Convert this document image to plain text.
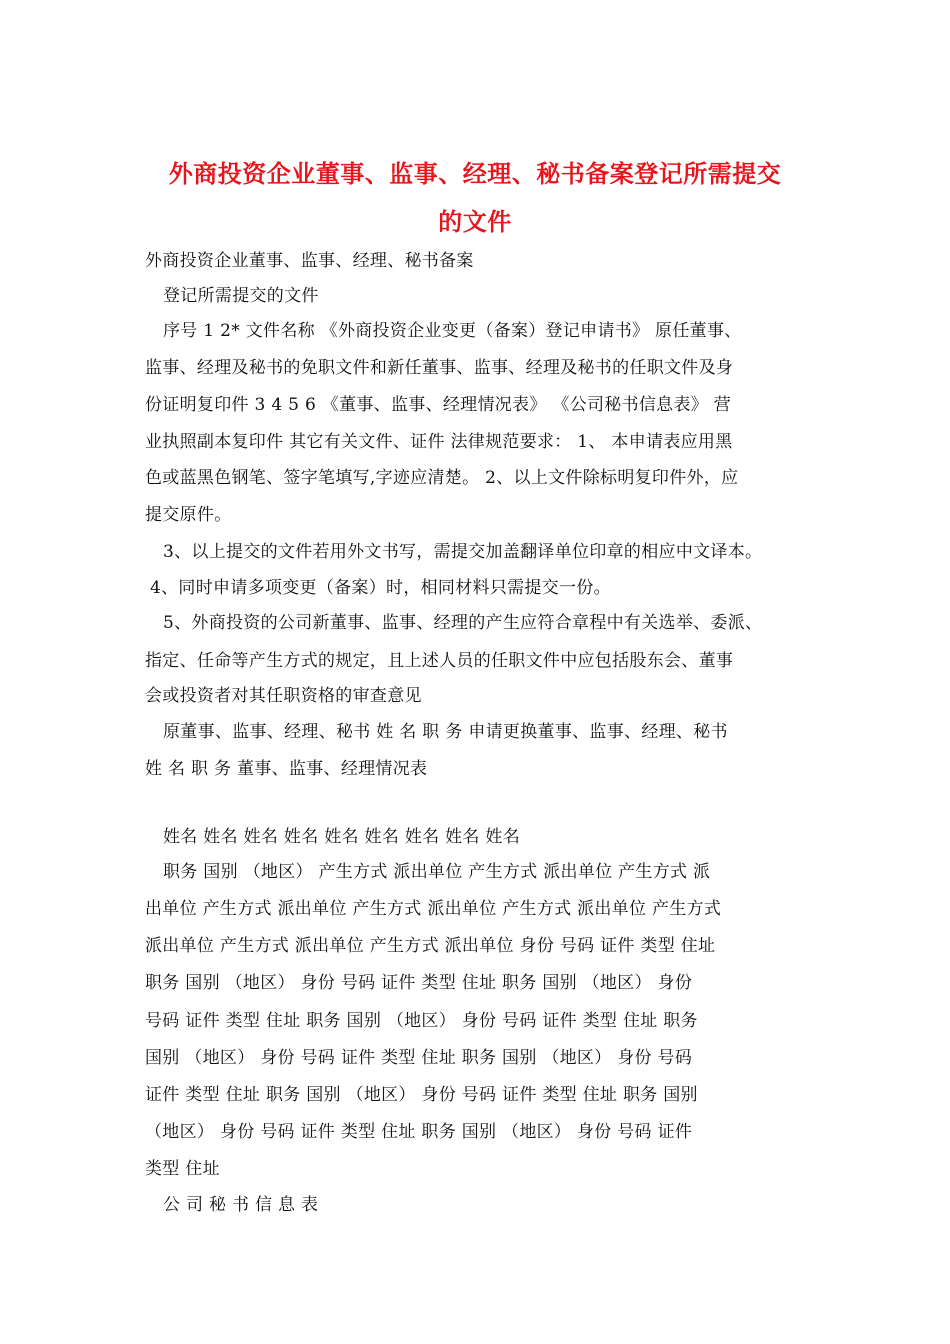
外商投资企业董事、监事、经理、秘书备案登记所需提交
的文件

外商投资企业董事、监事、经理、秘书备案

登记所需提交的文件

序号 1 2* 文件名称 《外商投资企业变更（备案）登记申请书》 原任董事、

监事、经理及秘书的免职文件和新任董事、监事、经理及秘书的任职文件及身

份证明复印件 3 4 5 6 《董事、监事、经理情况表》 《公司秘书信息表》 营

业执照副本复印件 其它有关文件、证件 法律规范要求： 1、 本申请表应用黑

色或蓝黑色钢笔、签字笔填写,字迹应清楚。 2、以上文件除标明复印件外，应

提交原件。

3、以上提交的文件若用外文书写，需提交加盖翻译单位印章的相应中文译本。

4、同时申请多项变更（备案）时，相同材料只需提交一份。

5、外商投资的公司新董事、监事、经理的产生应符合章程中有关选举、委派、

指定、任命等产生方式的规定，且上述人员的任职文件中应包括股东会、董事

会或投资者对其任职资格的审查意见

原董事、监事、经理、秘书 姓 名 职 务 申请更换董事、监事、经理、秘书

姓 名 职 务 董事、监事、经理情况表

姓名 姓名 姓名 姓名 姓名 姓名 姓名 姓名 姓名

职务 国别 （地区） 产生方式 派出单位 产生方式 派出单位 产生方式 派

出单位 产生方式 派出单位 产生方式 派出单位 产生方式 派出单位 产生方式

派出单位 产生方式 派出单位 产生方式 派出单位 身份 号码 证件 类型 住址

职务 国别 （地区） 身份 号码 证件 类型 住址 职务 国别 （地区） 身份

号码 证件 类型 住址 职务 国别 （地区） 身份 号码 证件 类型 住址 职务

国别 （地区） 身份 号码 证件 类型 住址 职务 国别 （地区） 身份 号码

证件 类型 住址 职务 国别 （地区） 身份 号码 证件 类型 住址 职务 国别

（地区） 身份 号码 证件 类型 住址 职务 国别 （地区） 身份 号码 证件

类型 住址

公 司 秘 书 信 息 表
